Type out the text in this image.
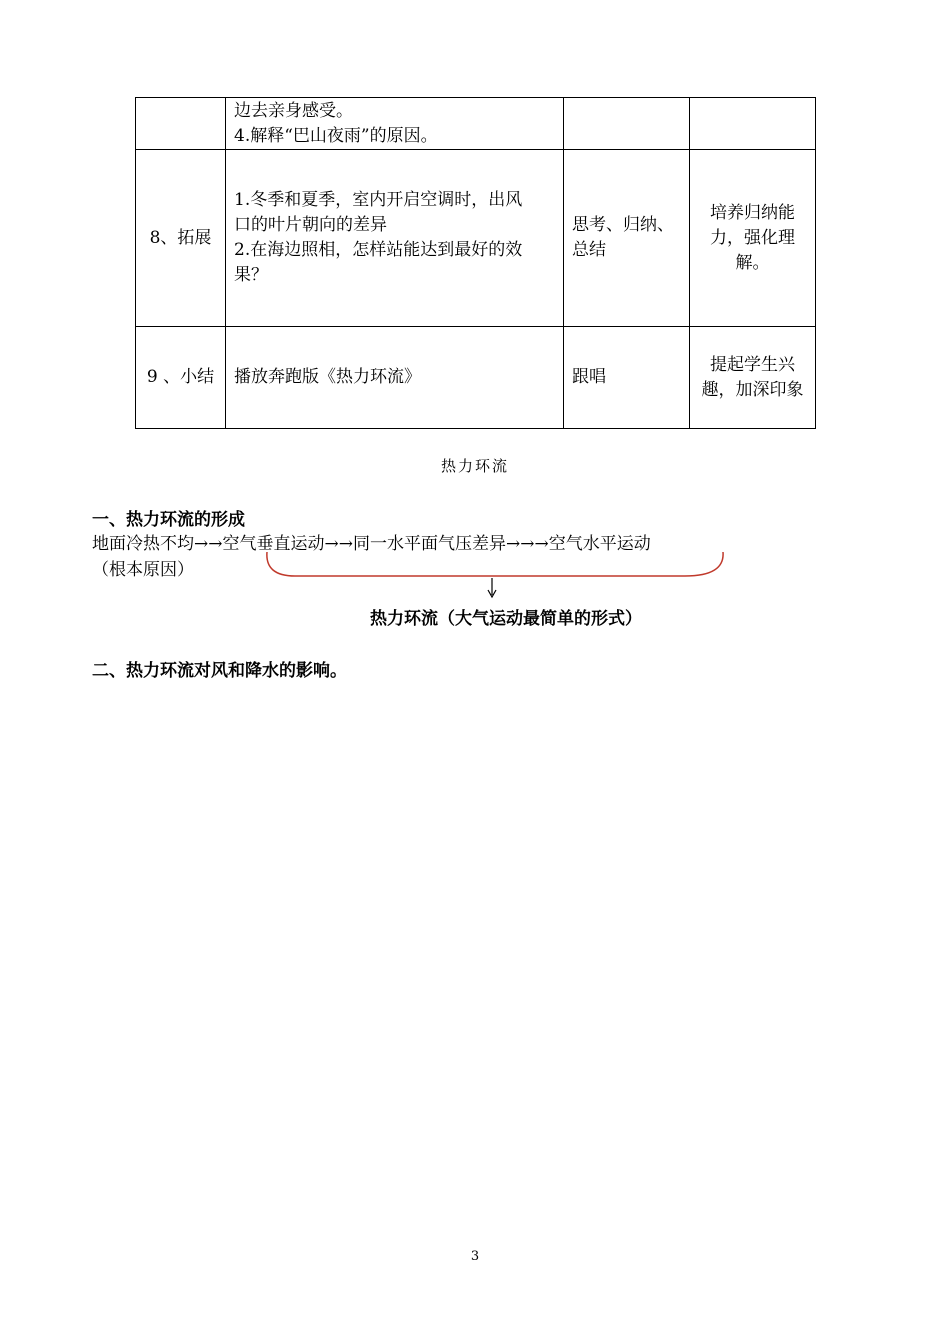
	边去亲身感受。
4.解释“巴山夜雨”的原因。		

8、拓展	1.冬季和夏季，室内开启空调时，出风
口的叶片朝向的差异
2.在海边照相，怎样站能达到最好的效
果？	思考、归纳、
总结	培养归纳能
力，强化理
解。

9 、小结	播放奔跑版《热力环流》	跟唱	提起学生兴
趣，加深印象
热力环流
一、热力环流的形成
地面冷热不均→→空气垂直运动→→同一水平面气压差异→→→空气水平运动
（根本原因）
热力环流（大气运动最简单的形式）
二、热力环流对风和降水的影响。
3
